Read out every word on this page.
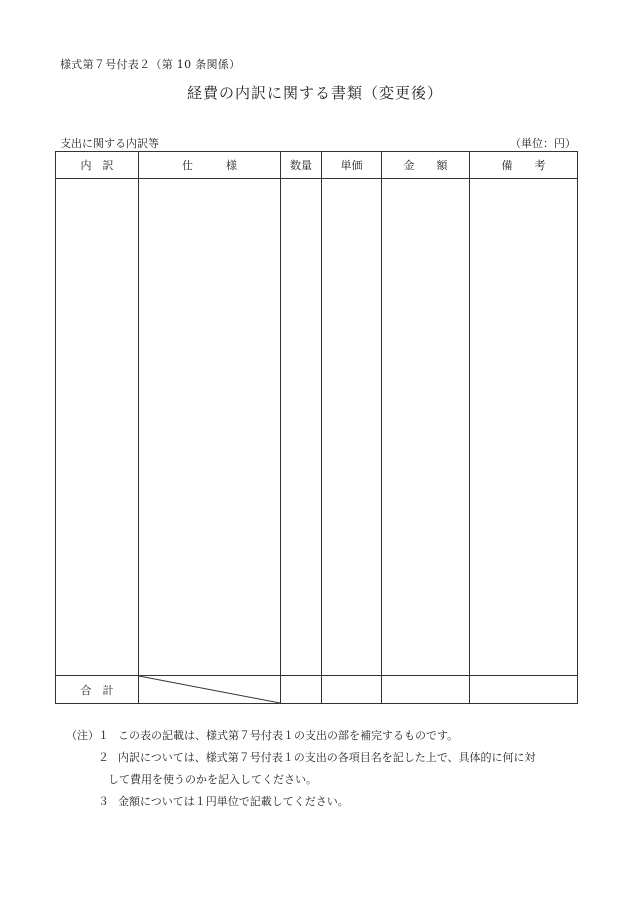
様式第７号付表２（第 10 条関係）
経費の内訳に関する書類（変更後）
支出に関する内訳等	（単位：円）
内　訳	仕　　　様	数量	単価	金　　額	備　　考

合　計	

（注）１ この表の記載は、様式第７号付表１の支出の部を補完するものです。
２ 内訳については、様式第７号付表１の支出の各項目名を記した上で、具体的に何に対
して費用を使うのかを記入してください。
３ 金額については１円単位で記載してください。
